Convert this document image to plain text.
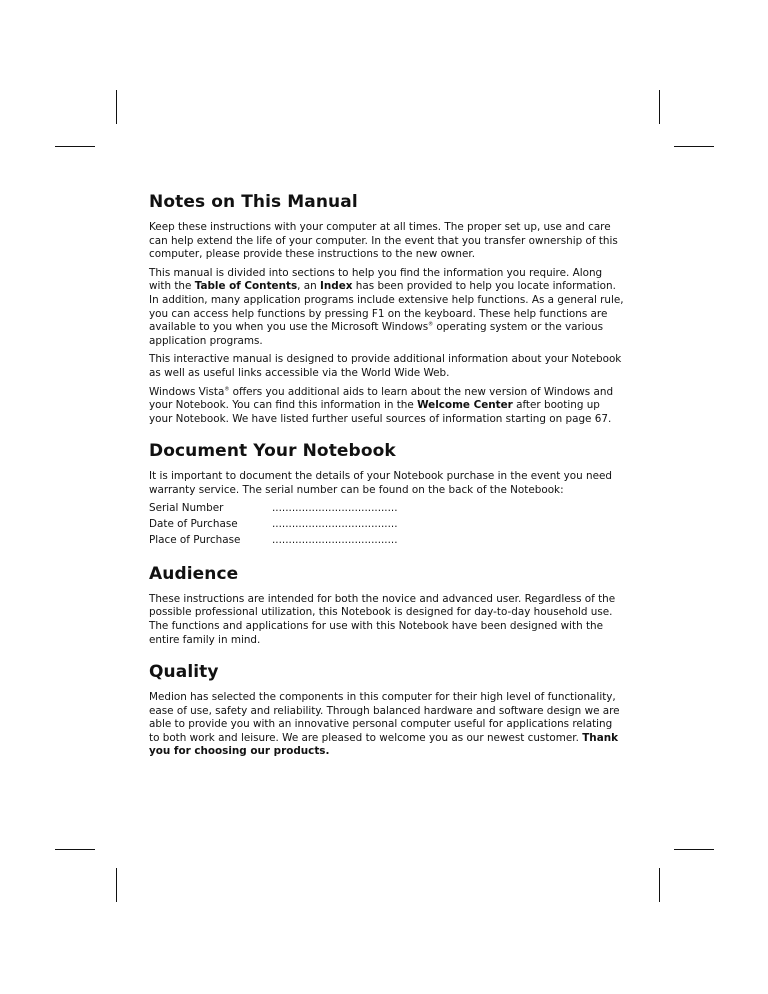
Notes on This Manual

Keep these instructions with your computer at all times. The proper set up, use and care can help extend the life of your computer. In the event that you transfer ownership of this computer, please provide these instructions to the new owner.

This manual is divided into sections to help you find the information you require. Along with the Table of Contents, an Index has been provided to help you locate information. In addition, many application programs include extensive help functions. As a general rule, you can access help functions by pressing F1 on the keyboard. These help functions are available to you when you use the Microsoft Windows® operating system or the various application programs.

This interactive manual is designed to provide additional information about your Notebook as well as useful links accessible via the World Wide Web.

Windows Vista® offers you additional aids to learn about the new version of Windows and your Notebook. You can find this information in the Welcome Center after booting up your Notebook. We have listed further useful sources of information starting on page 67.

Document Your Notebook

It is important to document the details of your Notebook purchase in the event you need warranty service. The serial number can be found on the back of the Notebook:

Serial Number	......................................
Date of Purchase	......................................
Place of Purchase	......................................
Audience

These instructions are intended for both the novice and advanced user. Regardless of the possible professional utilization, this Notebook is designed for day-to-day household use. The functions and applications for use with this Notebook have been designed with the entire family in mind.

Quality

Medion has selected the components in this computer for their high level of functionality, ease of use, safety and reliability. Through balanced hardware and software design we are able to provide you with an innovative personal computer useful for applications relating to both work and leisure. We are pleased to welcome you as our newest customer. Thank you for choosing our products.
